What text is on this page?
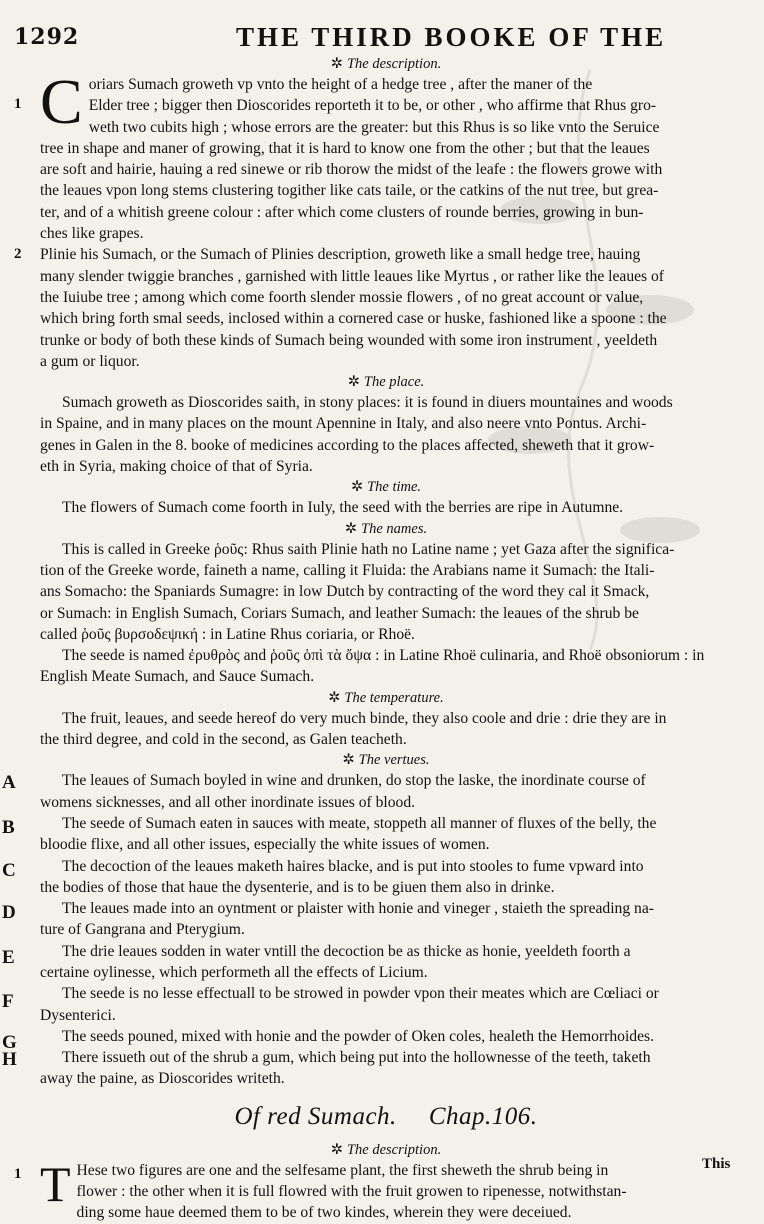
1292	THE THIRD BOOKE OF THE
✲ The description.
1 C oriars Sumach groweth vp vnto the height of a hedge tree , after the maner of the
Elder tree ; bigger then Dioscorides reporteth it to be, or other , who affirme that Rhus gro-
weth two cubits high ; whose errors are the greater: but this Rhus is so like vnto the Seruice
tree in shape and maner of growing, that it is hard to know one from the other ; but that the leaues
are soft and hairie, hauing a red sinewe or rib thorow the midst of the leafe : the flowers growe with
the leaues vpon long stems clustering togither like cats taile, or the catkins of the nut tree, but grea-
ter, and of a whitish greene colour : after which come clusters of rounde berries, growing in bun-
ches like grapes.
2 Plinie his Sumach, or the Sumach of Plinies description, groweth like a small hedge tree, hauing
many slender twiggie branches , garnished with little leaues like Myrtus , or rather like the leaues of
the Iuiube tree ; among which come foorth slender mossie flowers , of no great account or value,
which bring forth smal seeds, inclosed within a cornered case or huske, fashioned like a spoone : the
trunke or body of both these kinds of Sumach being wounded with some iron instrument , yeeldeth
a gum or liquor.
✲ The place.
Sumach groweth as Dioscorides saith, in stony places: it is found in diuers mountaines and woods
in Spaine, and in many places on the mount Apennine in Italy, and also neere vnto Pontus. Archi-
genes in Galen in the 8. booke of medicines according to the places affected, sheweth that it grow-
eth in Syria, making choice of that of Syria.
✲ The time.
The flowers of Sumach come foorth in Iuly, the seed with the berries are ripe in Autumne.
✲ The names.
This is called in Greeke ῥοῦς: Rhus saith Plinie hath no Latine name ; yet Gaza after the significa-
tion of the Greeke worde, faineth a name, calling it Fluida: the Arabians name it Sumach: the Itali-
ans Somacho: the Spaniards Sumagre: in low Dutch by contracting of the word they cal it Smack,
or Sumach: in English Sumach, Coriars Sumach, and leather Sumach: the leaues of the shrub be
called ῥοῦς βυρσοδεψική : in Latine Rhus coriaria, or Rhoë.
The seede is named ἐρυθρὸς and ῥοῦς ὁπὶ τὰ ὄψα : in Latine Rhoë culinaria, and Rhoë obsoniorum : in
English Meate Sumach, and Sauce Sumach.
✲ The temperature.
The fruit, leaues, and seede hereof do very much binde, they also coole and drie : drie they are in
the third degree, and cold in the second, as Galen teacheth.
✲ The vertues.
A	The leaues of Sumach boyled in wine and drunken, do stop the laske, the inordinate course of
womens sicknesses, and all other inordinate issues of blood.
B	The seede of Sumach eaten in sauces with meate, stoppeth all manner of fluxes of the belly, the
bloodie flixe, and all other issues, especially the white issues of women.
C	The decoction of the leaues maketh haires blacke, and is put into stooles to fume vpward into
the bodies of those that haue the dysenterie, and is to be giuen them also in drinke.
D	The leaues made into an oyntment or plaister with honie and vineger , staieth the spreading na-
ture of Gangrana and Pterygium.
E	The drie leaues sodden in water vntill the decoction be as thicke as honie, yeeldeth foorth a
certaine oylinesse, which performeth all the effects of Licium.
F	The seede is no lesse effectuall to be strowed in powder vpon their meates which are Cœliaci or
Dysenterici.
G	The seeds pouned, mixed with honie and the powder of Oken coles, healeth the Hemorrhoides.
H	There issueth out of the shrub a gum, which being put into the hollownesse of the teeth, taketh
away the paine, as Dioscorides writeth.
Of red Sumach. Chap.106.
✲ The description.
1 T Hese two figures are one and the selfesame plant, the first sheweth the shrub being in
flower : the other when it is full flowred with the fruit growen to ripenesse, notwithstan-
ding some haue deemed them to be of two kindes, wherein they were deceiued.
This
